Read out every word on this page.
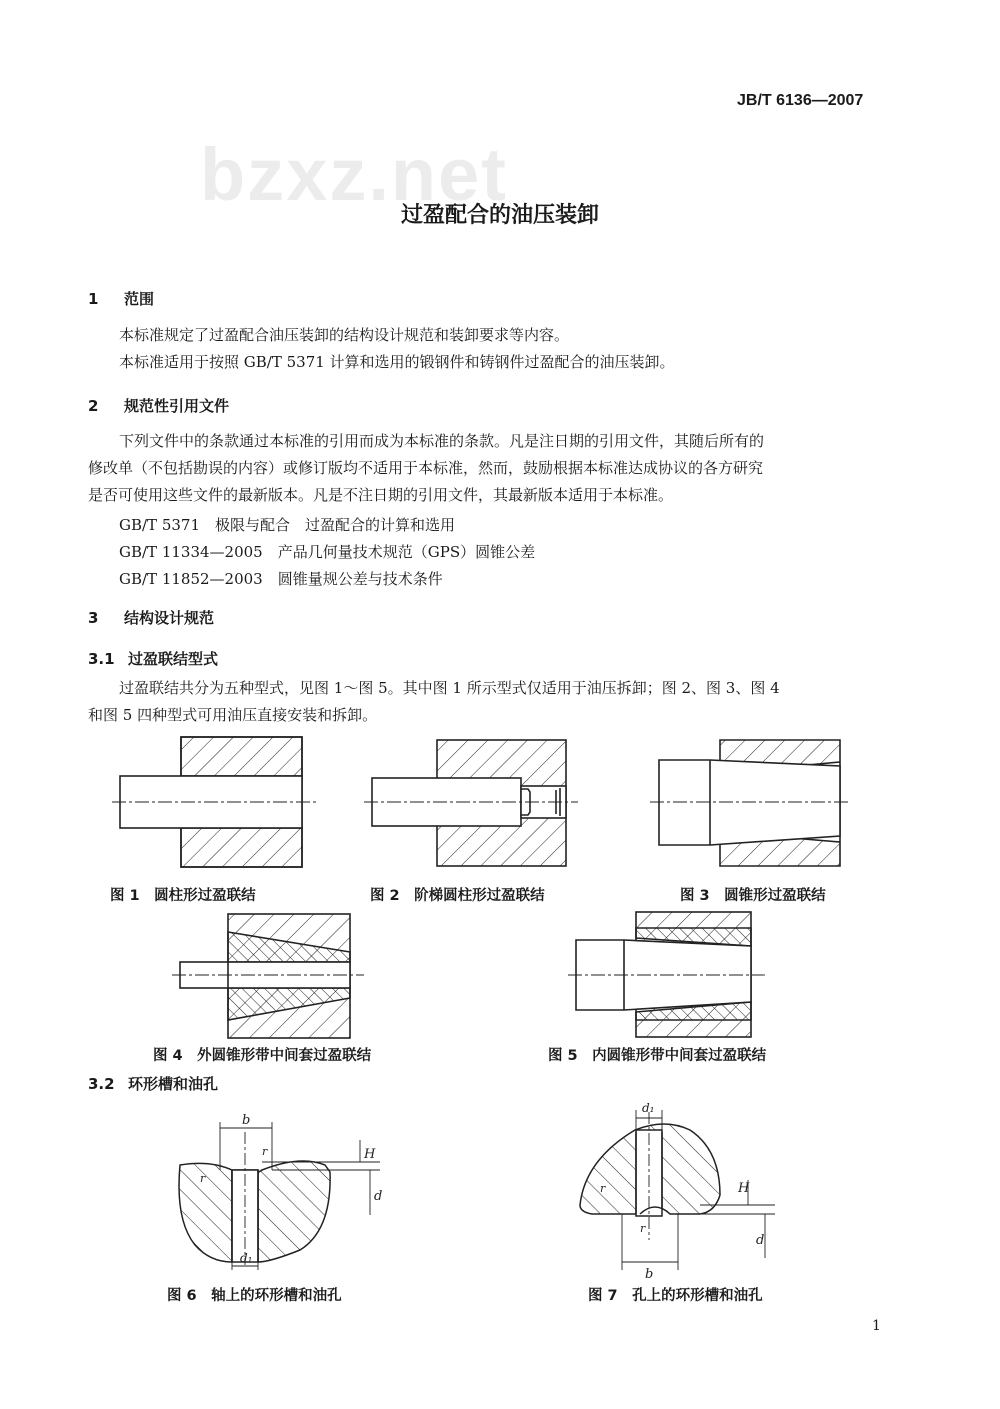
JB/T 6136—2007
bzxz.net
过盈配合的油压装卸
1 范围
本标准规定了过盈配合油压装卸的结构设计规范和装卸要求等内容。
本标准适用于按照 GB/T 5371 计算和选用的锻钢件和铸钢件过盈配合的油压装卸。
2 规范性引用文件
下列文件中的条款通过本标准的引用而成为本标准的条款。凡是注日期的引用文件，其随后所有的
修改单（不包括勘误的内容）或修订版均不适用于本标准，然而，鼓励根据本标准达成协议的各方研究
是否可使用这些文件的最新版本。凡是不注日期的引用文件，其最新版本适用于本标准。
GB/T 5371　 极限与配合　过盈配合的计算和选用
GB/T 11334—2005　 产品几何量技术规范（GPS）圆锥公差
GB/T 11852—2003　 圆锥量规公差与技术条件
3 结构设计规范
3.1 过盈联结型式
过盈联结共分为五种型式，见图 1～图 5。其中图 1 所示型式仅适用于油压拆卸；图 2、图 3、图 4
和图 5 四种型式可用油压直接安装和拆卸。
b
H
d
d₁
r
r
d₁
b
H
d
r
r
图 1　圆柱形过盈联结	图 2　阶梯圆柱形过盈联结	图 3　圆锥形过盈联结
图 4　外圆锥形带中间套过盈联结	图 5　内圆锥形带中间套过盈联结
3.2 环形槽和油孔
图 6　轴上的环形槽和油孔	图 7　孔上的环形槽和油孔
1
